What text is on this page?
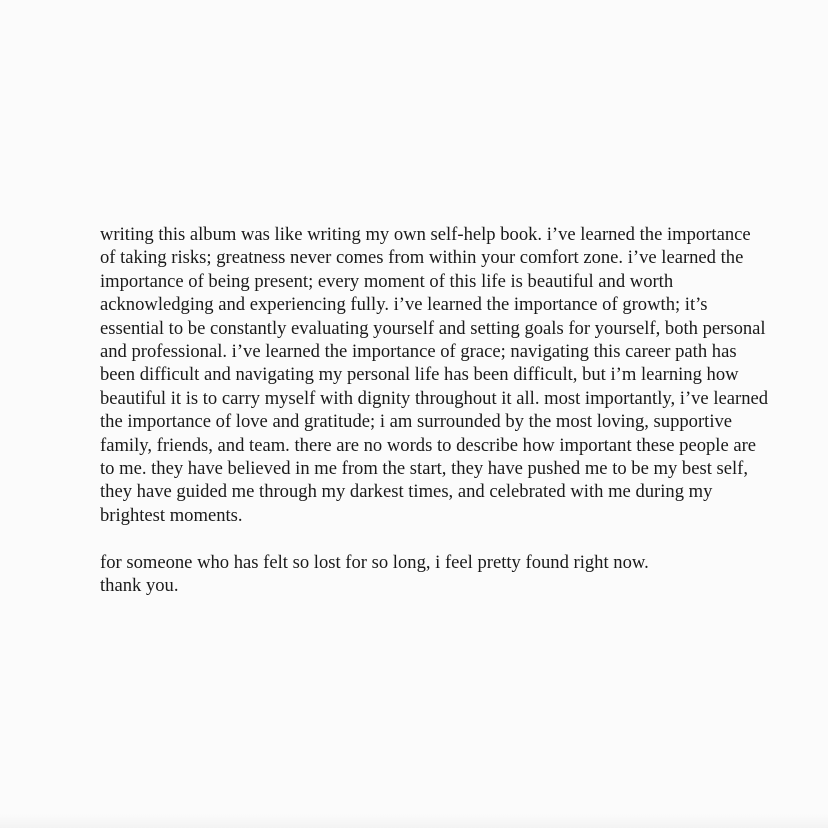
writing this album was like writing my own self-help book. i’ve learned the importance
of taking risks; greatness never comes from within your comfort zone. i’ve learned the
importance of being present; every moment of this life is beautiful and worth
acknowledging and experiencing fully. i’ve learned the importance of growth; it’s
essential to be constantly evaluating yourself and setting goals for yourself, both personal
and professional. i’ve learned the importance of grace; navigating this career path has
been difficult and navigating my personal life has been difficult, but i’m learning how
beautiful it is to carry myself with dignity throughout it all. most importantly, i’ve learned
the importance of love and gratitude; i am surrounded by the most loving, supportive
family, friends, and team. there are no words to describe how important these people are
to me. they have believed in me from the start, they have pushed me to be my best self,
they have guided me through my darkest times, and celebrated with me during my
brightest moments.

for someone who has felt so lost for so long, i feel pretty found right now.
thank you.
